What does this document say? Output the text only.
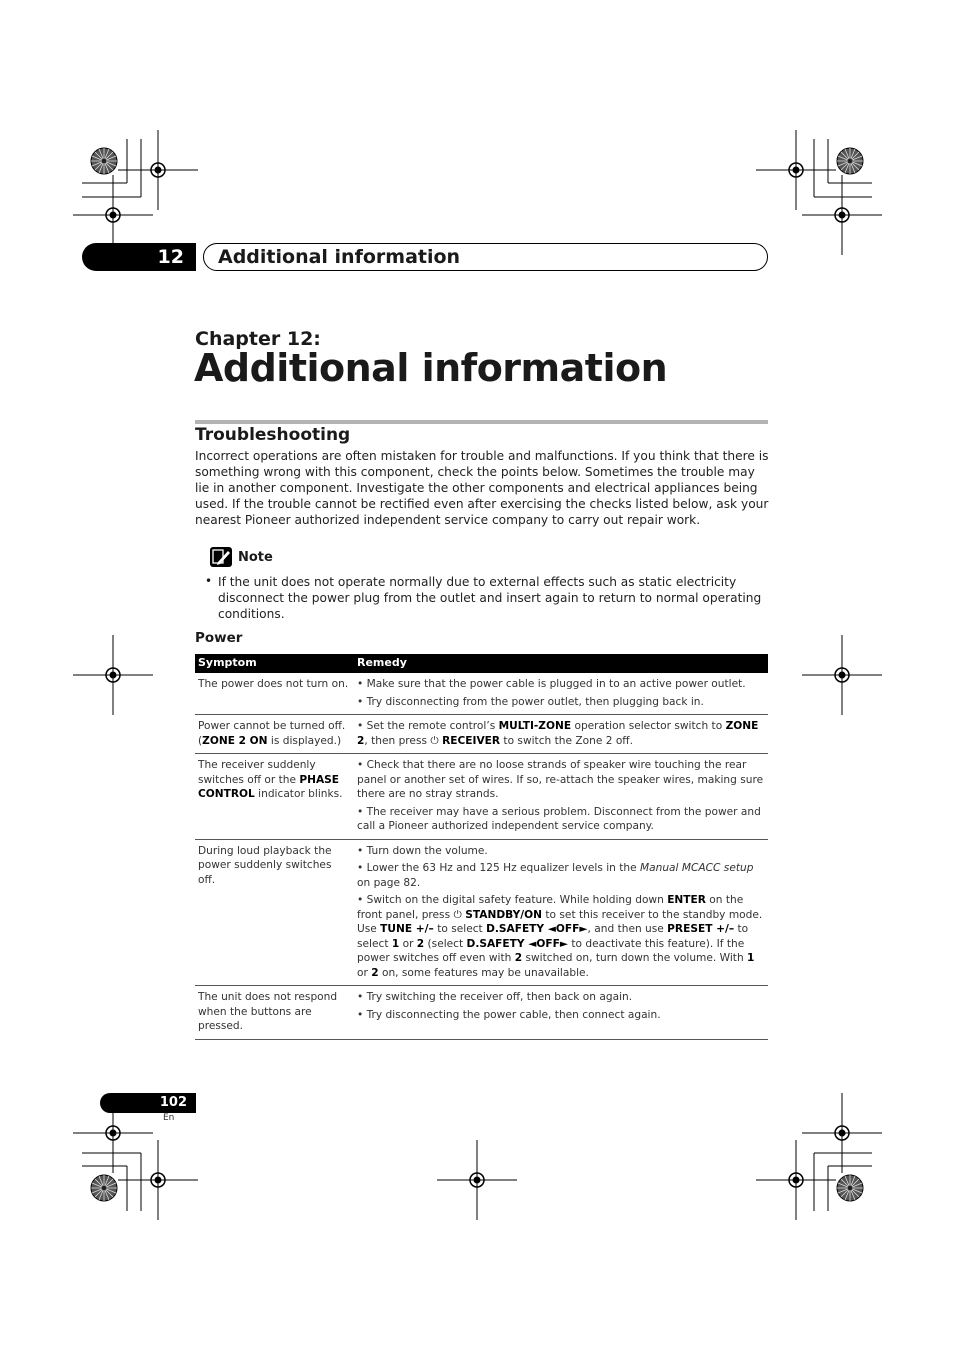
12	Additional information
Chapter 12:
Additional information
Troubleshooting
Incorrect operations are often mistaken for trouble and malfunctions. If you think that there is something wrong with this component, check the points below. Sometimes the trouble may lie in another component. Investigate the other components and electrical appliances being used. If the trouble cannot be rectified even after exercising the checks listed below, ask your nearest Pioneer authorized independent service company to carry out repair work.
Note
• If the unit does not operate normally due to external effects such as static electricity disconnect the power plug from the outlet and insert again to return to normal operating conditions.
Power
Symptom	Remedy
The power does not turn on.	• Make sure that the power cable is plugged in to an active power outlet.
• Try disconnecting from the power outlet, then plugging back in.

Power cannot be turned off. (ZONE 2 ON is displayed.)	• Set the remote control’s MULTI-ZONE operation selector switch to ZONE 2, then press ⏻ RECEIVER to switch the Zone 2 off.

The receiver suddenly switches off or the PHASE CONTROL indicator blinks.	• Check that there are no loose strands of speaker wire touching the rear panel or another set of wires. If so, re-attach the speaker wires, making sure there are no stray strands.
• The receiver may have a serious problem. Disconnect from the power and call a Pioneer authorized independent service company.

During loud playback the power suddenly switches off.	• Turn down the volume.
• Lower the 63 Hz and 125 Hz equalizer levels in the Manual MCACC setup on page 82.
• Switch on the digital safety feature. While holding down ENTER on the front panel, press ⏻ STANDBY/ON to set this receiver to the standby mode. Use TUNE +/– to select D.SAFETY ◄OFF►, and then use PRESET +/– to select 1 or 2 (select D.SAFETY ◄OFF► to deactivate this feature). If the power switches off even with 2 switched on, turn down the volume. With 1 or 2 on, some features may be unavailable.

The unit does not respond when the buttons are pressed.	• Try switching the receiver off, then back on again.
• Try disconnecting the power cable, then connect again.
102
En
